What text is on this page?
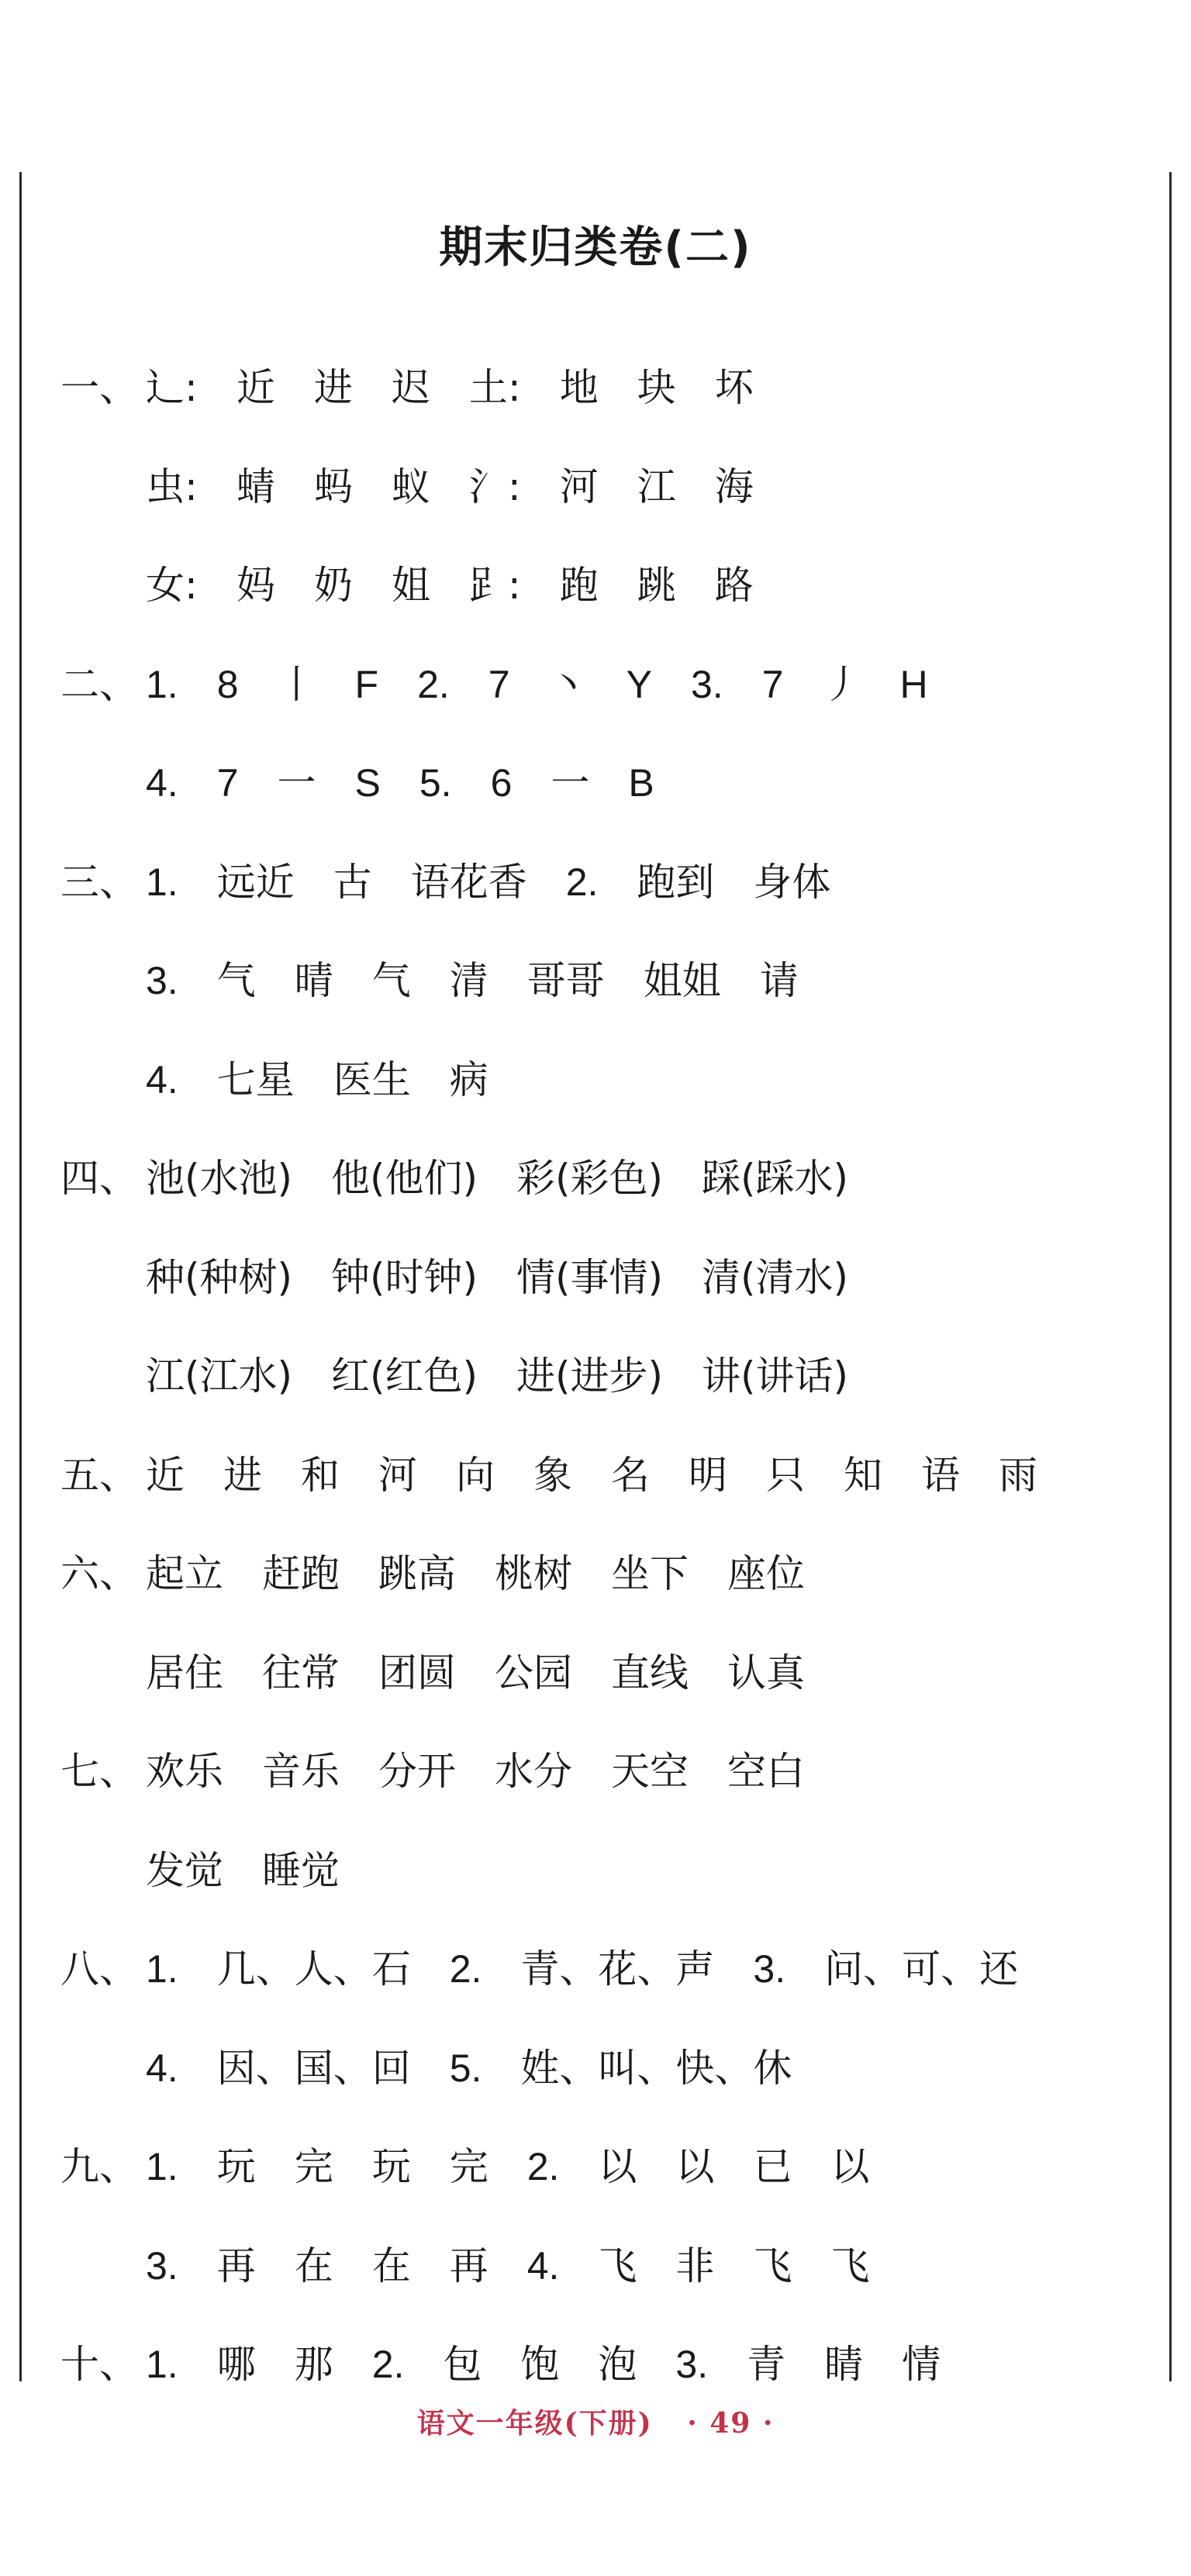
期末归类卷(二)
一、 辶: 近 进 迟 土: 地 块 坏
虫: 蜻 蚂 蚁 氵: 河 江 海
女: 妈 奶 姐 𧾷: 跑 跳 路
二、 1. 8 丨 F 2. 7 丶 Y 3. 7 丿 H
4. 7 一 S 5. 6 一 B
三、 1. 远近 古 语花香 2. 跑到 身体
3. 气 晴 气 清 哥哥 姐姐 请
4. 七星 医生 病
四、 池(水池) 他(他们) 彩(彩色) 踩(踩水)
种(种树) 钟(时钟) 情(事情) 清(清水)
江(江水) 红(红色) 进(进步) 讲(讲话)
五、 近 进 和 河 向 象 名 明 只 知 语 雨
六、 起立 赶跑 跳高 桃树 坐下 座位
居住 往常 团圆 公园 直线 认真
七、 欢乐 音乐 分开 水分 天空 空白
发觉 睡觉
八、 1. 几、人、石 2. 青、花、声 3. 问、可、还
4. 因、国、回 5. 姓、叫、快、休
九、 1. 玩 完 玩 完 2. 以 以 已 以
3. 再 在 在 再 4. 飞 非 飞 飞
十、 1. 哪 那 2. 包 饱 泡 3. 青 睛 情
语文一年级(下册) · 49 ·
